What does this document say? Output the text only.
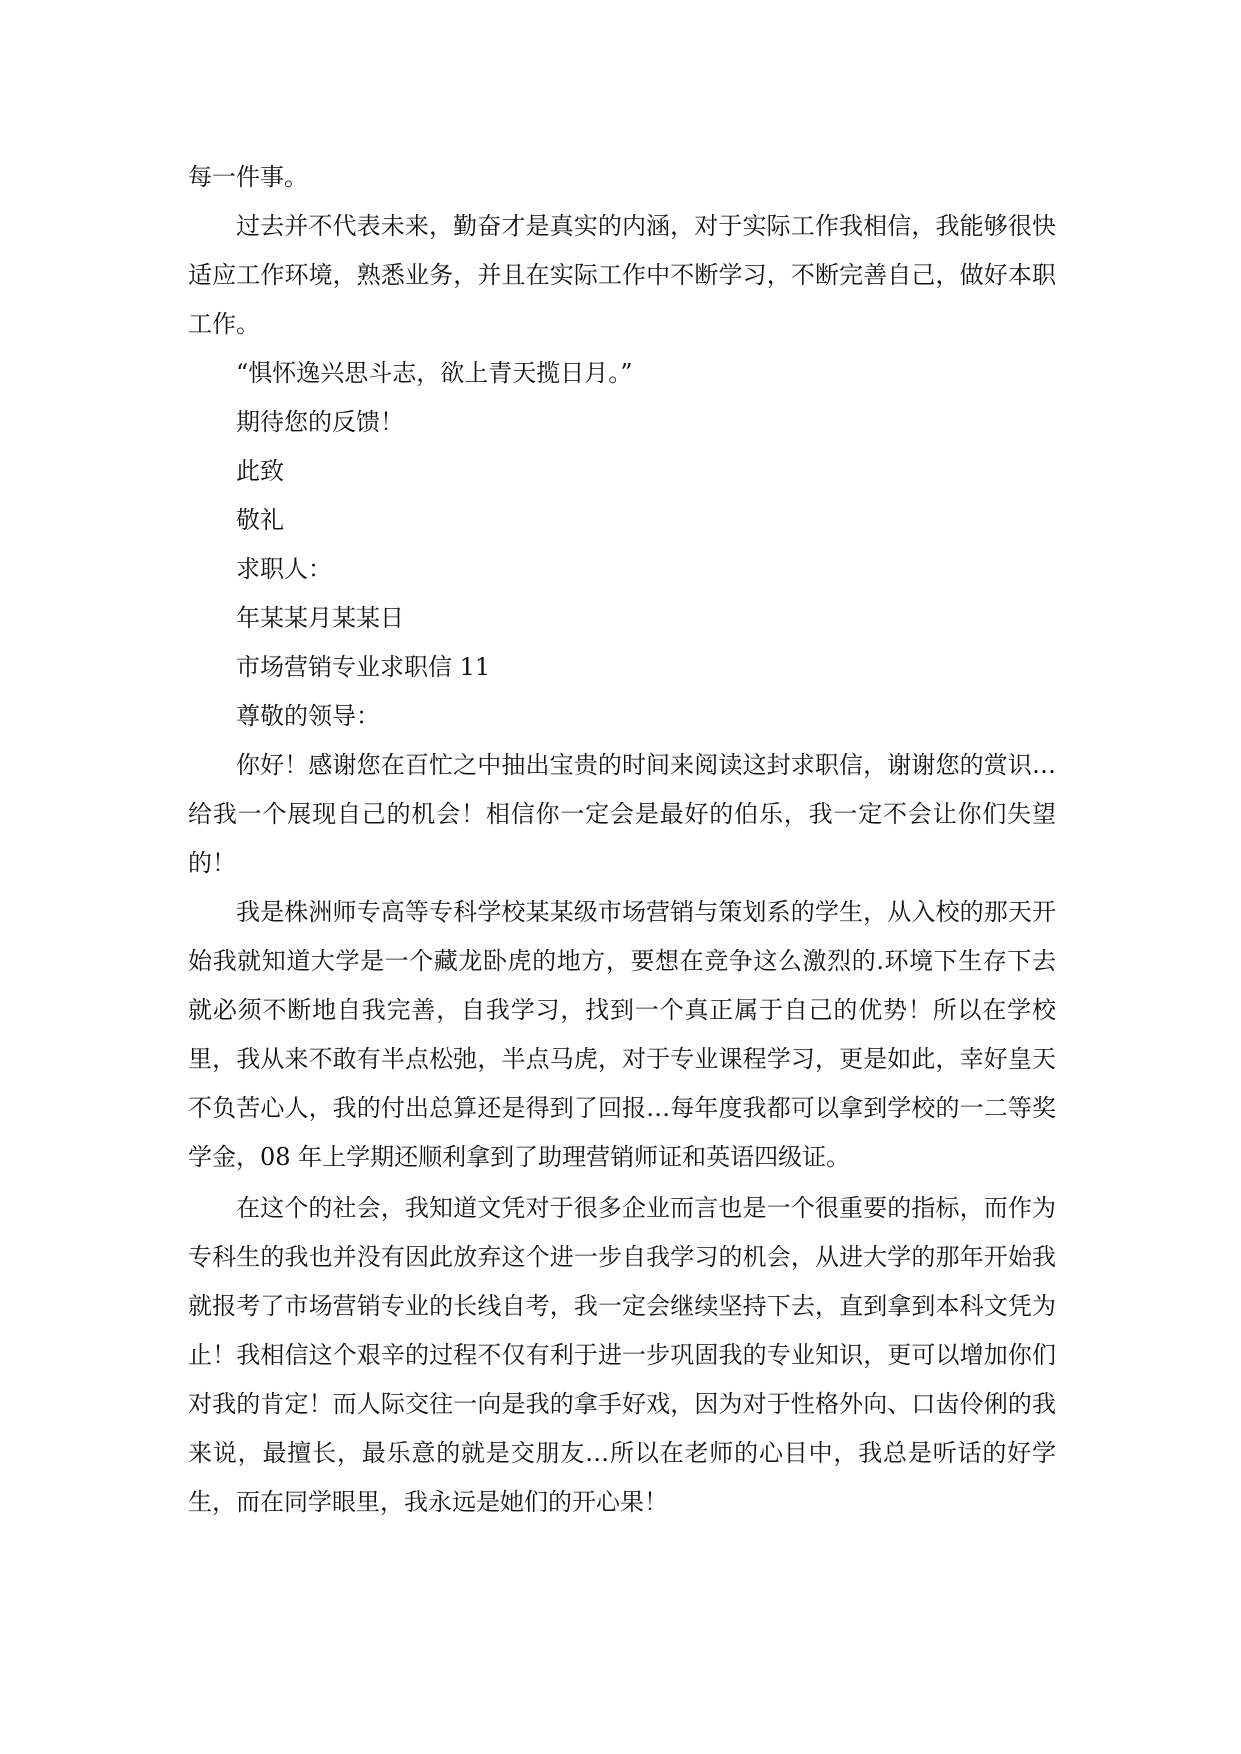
每一件事。

过去并不代表未来，勤奋才是真实的内涵，对于实际工作我相信，我能够很快适应工作环境，熟悉业务，并且在实际工作中不断学习，不断完善自己，做好本职工作。

“惧怀逸兴思斗志，欲上青天揽日月。”

期待您的反馈！

此致

敬礼

求职人：

年某某月某某日

市场营销专业求职信 11

尊敬的领导：

你好！感谢您在百忙之中抽出宝贵的时间来阅读这封求职信，谢谢您的赏识…给我一个展现自己的机会！相信你一定会是最好的伯乐，我一定不会让你们失望的！

我是株洲师专高等专科学校某某级市场营销与策划系的学生，从入校的那天开始我就知道大学是一个藏龙卧虎的地方，要想在竞争这么激烈的.环境下生存下去就必须不断地自我完善，自我学习，找到一个真正属于自己的优势！所以在学校里，我从来不敢有半点松弛，半点马虎，对于专业课程学习，更是如此，幸好皇天不负苦心人，我的付出总算还是得到了回报…每年度我都可以拿到学校的一二等奖学金，08 年上学期还顺利拿到了助理营销师证和英语四级证。

在这个的社会，我知道文凭对于很多企业而言也是一个很重要的指标，而作为专科生的我也并没有因此放弃这个进一步自我学习的机会，从进大学的那年开始我就报考了市场营销专业的长线自考，我一定会继续坚持下去，直到拿到本科文凭为止！我相信这个艰辛的过程不仅有利于进一步巩固我的专业知识，更可以增加你们对我的肯定！而人际交往一向是我的拿手好戏，因为对于性格外向、口齿伶俐的我来说，最擅长，最乐意的就是交朋友…所以在老师的心目中，我总是听话的好学生，而在同学眼里，我永远是她们的开心果！
